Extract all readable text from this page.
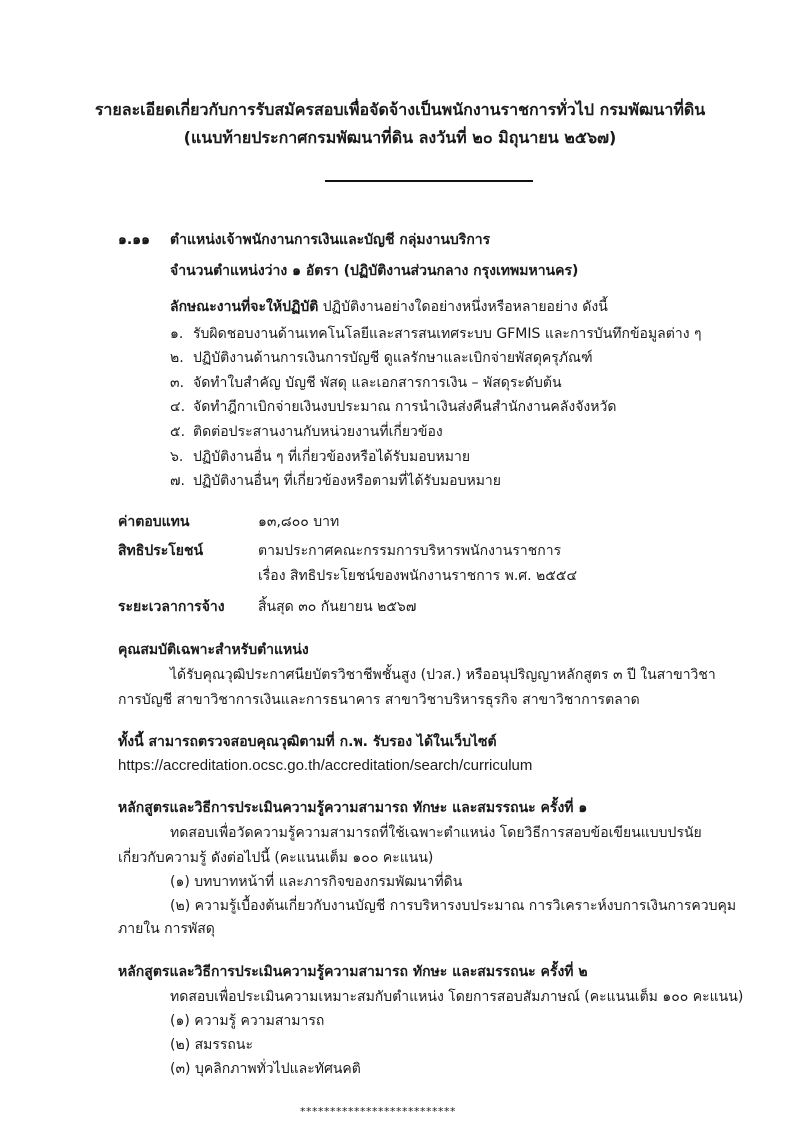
รายละเอียดเกี่ยวกับการรับสมัครสอบเพื่อจัดจ้างเป็นพนักงานราชการทั่วไป กรมพัฒนาที่ดิน
(แนบท้ายประกาศกรมพัฒนาที่ดิน ลงวันที่ ๒๐ มิถุนายน ๒๕๖๗)
๑.๑๑ ตำแหน่งเจ้าพนักงานการเงินและบัญชี กลุ่มงานบริการ
จำนวนตำแหน่งว่าง ๑ อัตรา (ปฏิบัติงานส่วนกลาง กรุงเทพมหานคร)
ลักษณะงานที่จะให้ปฏิบัติ ปฏิบัติงานอย่างใดอย่างหนึ่งหรือหลายอย่าง ดังนี้
๑. รับผิดชอบงานด้านเทคโนโลยีและสารสนเทศระบบ GFMIS และการบันทึกข้อมูลต่าง ๆ
๒. ปฏิบัติงานด้านการเงินการบัญชี ดูแลรักษาและเบิกจ่ายพัสดุครุภัณฑ์
๓. จัดทำใบสำคัญ บัญชี พัสดุ และเอกสารการเงิน – พัสดุระดับต้น
๔. จัดทำฎีกาเบิกจ่ายเงินงบประมาณ การนำเงินส่งคืนสำนักงานคลังจังหวัด
๕. ติดต่อประสานงานกับหน่วยงานที่เกี่ยวข้อง
๖. ปฏิบัติงานอื่น ๆ ที่เกี่ยวข้องหรือได้รับมอบหมาย
๗. ปฏิบัติงานอื่นๆ ที่เกี่ยวข้องหรือตามที่ได้รับมอบหมาย
ค่าตอบแทน	๑๓,๘๐๐ บาท
สิทธิประโยชน์	ตามประกาศคณะกรรมการบริหารพนักงานราชการ
เรื่อง สิทธิประโยชน์ของพนักงานราชการ พ.ศ. ๒๕๕๔
ระยะเวลาการจ้าง สิ้นสุด ๓๐ กันยายน ๒๕๖๗
คุณสมบัติเฉพาะสำหรับตำแหน่ง
ได้รับคุณวุฒิประกาศนียบัตรวิชาชีพชั้นสูง (ปวส.) หรืออนุปริญญาหลักสูตร ๓ ปี ในสาขาวิชา
การบัญชี สาขาวิชาการเงินและการธนาคาร สาขาวิชาบริหารธุรกิจ สาขาวิชาการตลาด
ทั้งนี้ สามารถตรวจสอบคุณวุฒิตามที่ ก.พ. รับรอง ได้ในเว็บไซต์
https://accreditation.ocsc.go.th/accreditation/search/curriculum
หลักสูตรและวิธีการประเมินความรู้ความสามารถ ทักษะ และสมรรถนะ ครั้งที่ ๑
ทดสอบเพื่อวัดความรู้ความสามารถที่ใช้เฉพาะตำแหน่ง โดยวิธีการสอบข้อเขียนแบบปรนัย
เกี่ยวกับความรู้ ดังต่อไปนี้ (คะแนนเต็ม ๑๐๐ คะแนน)
(๑) บทบาทหน้าที่ และภารกิจของกรมพัฒนาที่ดิน
(๒) ความรู้เบื้องต้นเกี่ยวกับงานบัญชี การบริหารงบประมาณ การวิเคราะห์งบการเงินการควบคุม
ภายใน การพัสดุ
หลักสูตรและวิธีการประเมินความรู้ความสามารถ ทักษะ และสมรรถนะ ครั้งที่ ๒
ทดสอบเพื่อประเมินความเหมาะสมกับตำแหน่ง โดยการสอบสัมภาษณ์ (คะแนนเต็ม ๑๐๐ คะแนน)
(๑) ความรู้ ความสามารถ
(๒) สมรรถนะ
(๓) บุคลิกภาพทั่วไปและทัศนคติ
**************************
